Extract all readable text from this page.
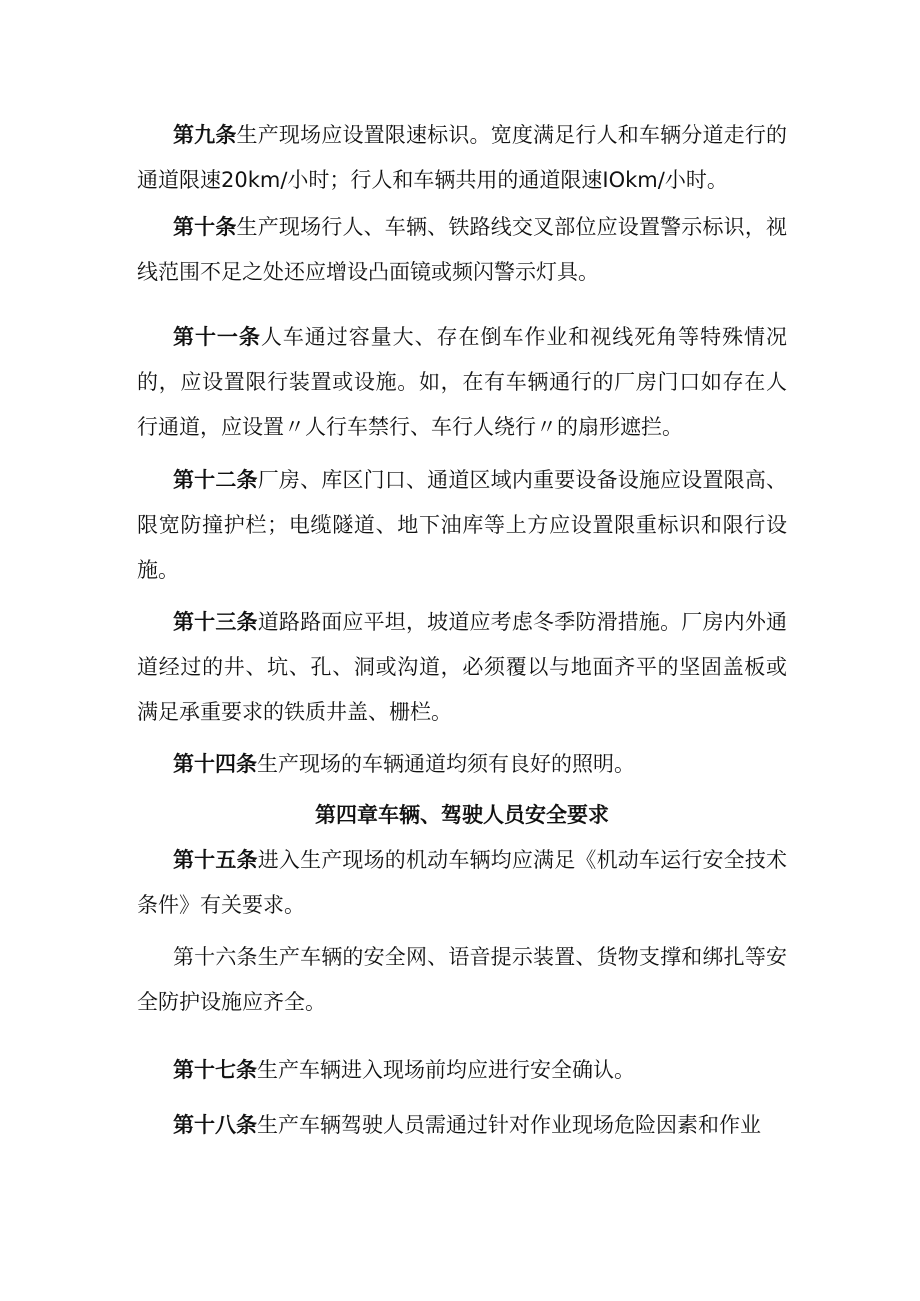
第九条生产现场应设置限速标识。宽度满足行人和车辆分道走行的通道限速20km∕小时；行人和车辆共用的通道限速IOkm∕小时。

第十条生产现场行人、车辆、铁路线交叉部位应设置警示标识，视线范围不足之处还应增设凸面镜或频闪警示灯具。

第十一条人车通过容量大、存在倒车作业和视线死角等特殊情况的，应设置限行装置或设施。如，在有车辆通行的厂房门口如存在人行通道，应设置〃人行车禁行、车行人绕行〃的扇形遮拦。

第十二条厂房、库区门口、通道区域内重要设备设施应设置限高、限宽防撞护栏；电缆隧道、地下油库等上方应设置限重标识和限行设施。

第十三条道路路面应平坦，坡道应考虑冬季防滑措施。厂房内外通道经过的井、坑、孔、洞或沟道，必须覆以与地面齐平的坚固盖板或满足承重要求的铁质井盖、栅栏。

第十四条生产现场的车辆通道均须有良好的照明。

第四章车辆、驾驶人员安全要求

第十五条进入生产现场的机动车辆均应满足《机动车运行安全技术条件》有关要求。

第十六条生产车辆的安全网、语音提示装置、货物支撑和绑扎等安全防护设施应齐全。

第十七条生产车辆进入现场前均应进行安全确认。

第十八条生产车辆驾驶人员需通过针对作业现场危险因素和作业
